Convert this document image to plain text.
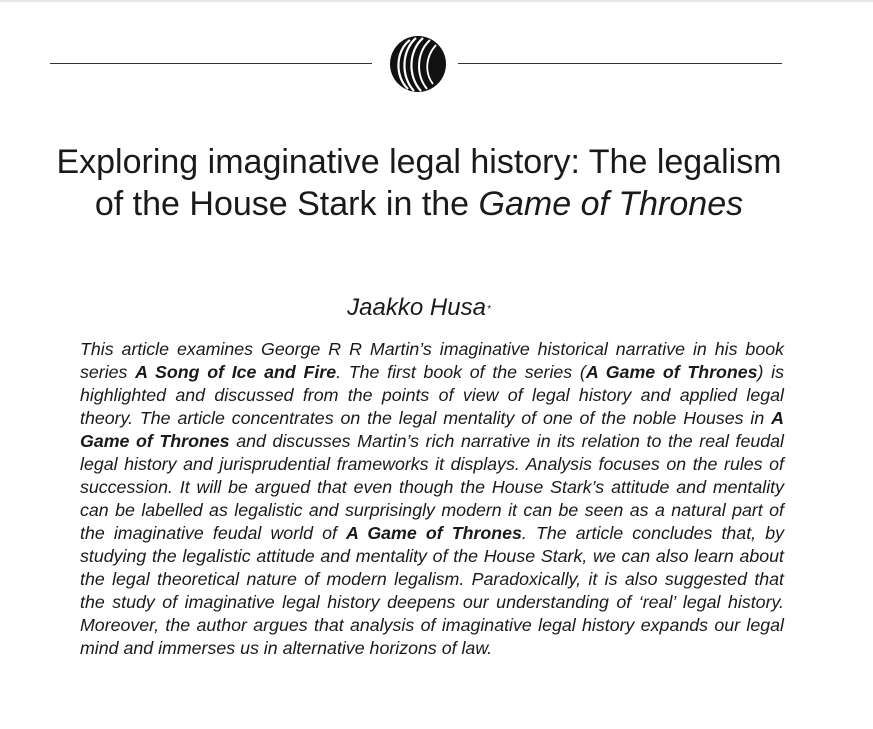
Exploring imaginative legal history: The legalism of the House Stark in the Game of Thrones

Jaakko Husa*

This article examines George R R Martin’s imaginative historical narrative in his book series A Song of Ice and Fire. The first book of the series (A Game of Thrones) is highlighted and discussed from the points of view of legal history and applied legal theory. The article concentrates on the legal mentality of one of the noble Houses in A Game of Thrones and discusses Martin’s rich narrative in its relation to the real feudal legal history and jurisprudential frameworks it displays. Analysis focuses on the rules of succession. It will be argued that even though the House Stark’s attitude and mentality can be labelled as legalistic and surprisingly modern it can be seen as a natural part of the imaginative feudal world of A Game of Thrones. The article concludes that, by studying the legalistic attitude and mentality of the House Stark, we can also learn about the legal theoretical nature of modern legalism. Paradoxically, it is also suggested that the study of imaginative legal history deepens our understanding of ‘real’ legal history. Moreover, the author argues that analysis of imaginative legal history expands our legal mind and immerses us in alternative horizons of law.
